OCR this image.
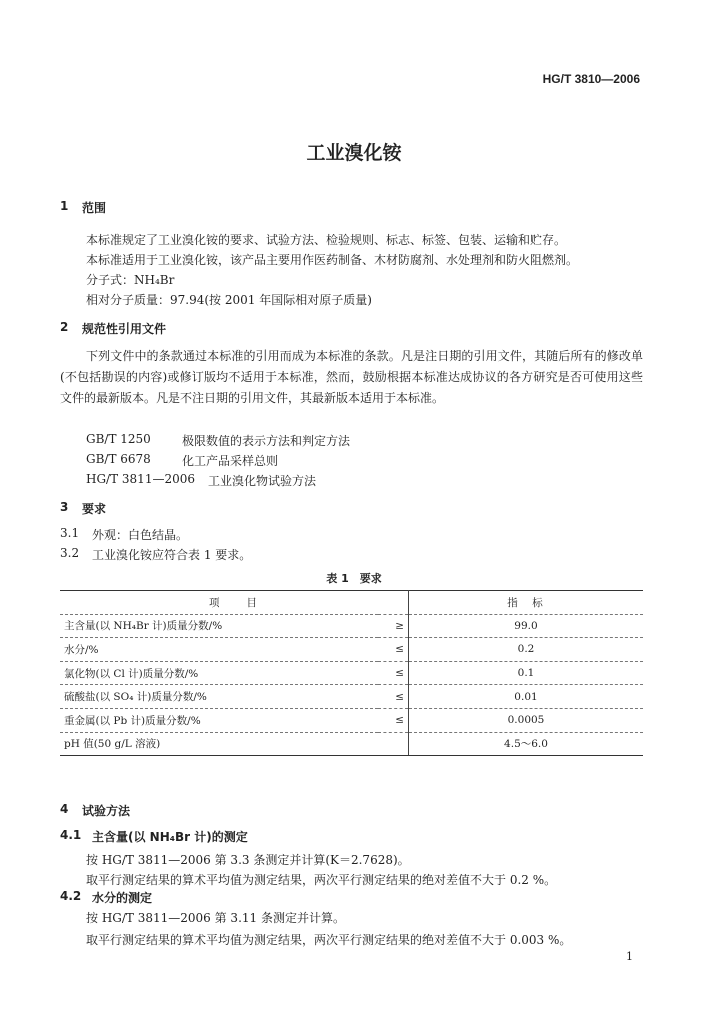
HG/T 3810—2006
工业溴化铵
1 范围
本标准规定了工业溴化铵的要求、试验方法、检验规则、标志、标签、包装、运输和贮存。
本标准适用于工业溴化铵，该产品主要用作医药制备、木材防腐剂、水处理剂和防火阻燃剂。
分子式：NH₄Br
相对分子质量：97.94(按 2001 年国际相对原子质量)
2 规范性引用文件
下列文件中的条款通过本标准的引用而成为本标准的条款。凡是注日期的引用文件，其随后所有的修改单(不包括勘误的内容)或修订版均不适用于本标准，然而，鼓励根据本标准达成协议的各方研究是否可使用这些文件的最新版本。凡是不注日期的引用文件，其最新版本适用于本标准。
GB/T 1250	极限数值的表示方法和判定方法
GB/T 6678	化工产品采样总则
HG/T 3811—2006 工业溴化物试验方法
3 要求
3.1 外观：白色结晶。
3.2 工业溴化铵应符合表 1 要求。
表 1　要求
项　　目		指　标
主含量(以 NH₄Br 计)质量分数/%	≥	99.0
水分/%	≤	0.2
氯化物(以 Cl 计)质量分数/%	≤	0.1
硫酸盐(以 SO₄ 计)质量分数/%	≤	0.01
重金属(以 Pb 计)质量分数/%	≤	0.0005
pH 值(50 g/L 溶液)		4.5～6.0
4 试验方法
4.1 主含量(以 NH₄Br 计)的测定
按 HG/T 3811—2006 第 3.3 条测定并计算(K＝2.7628)。
取平行测定结果的算术平均值为测定结果，两次平行测定结果的绝对差值不大于 0.2 %。
4.2 水分的测定
按 HG/T 3811—2006 第 3.11 条测定并计算。
取平行测定结果的算术平均值为测定结果，两次平行测定结果的绝对差值不大于 0.003 %。
1
